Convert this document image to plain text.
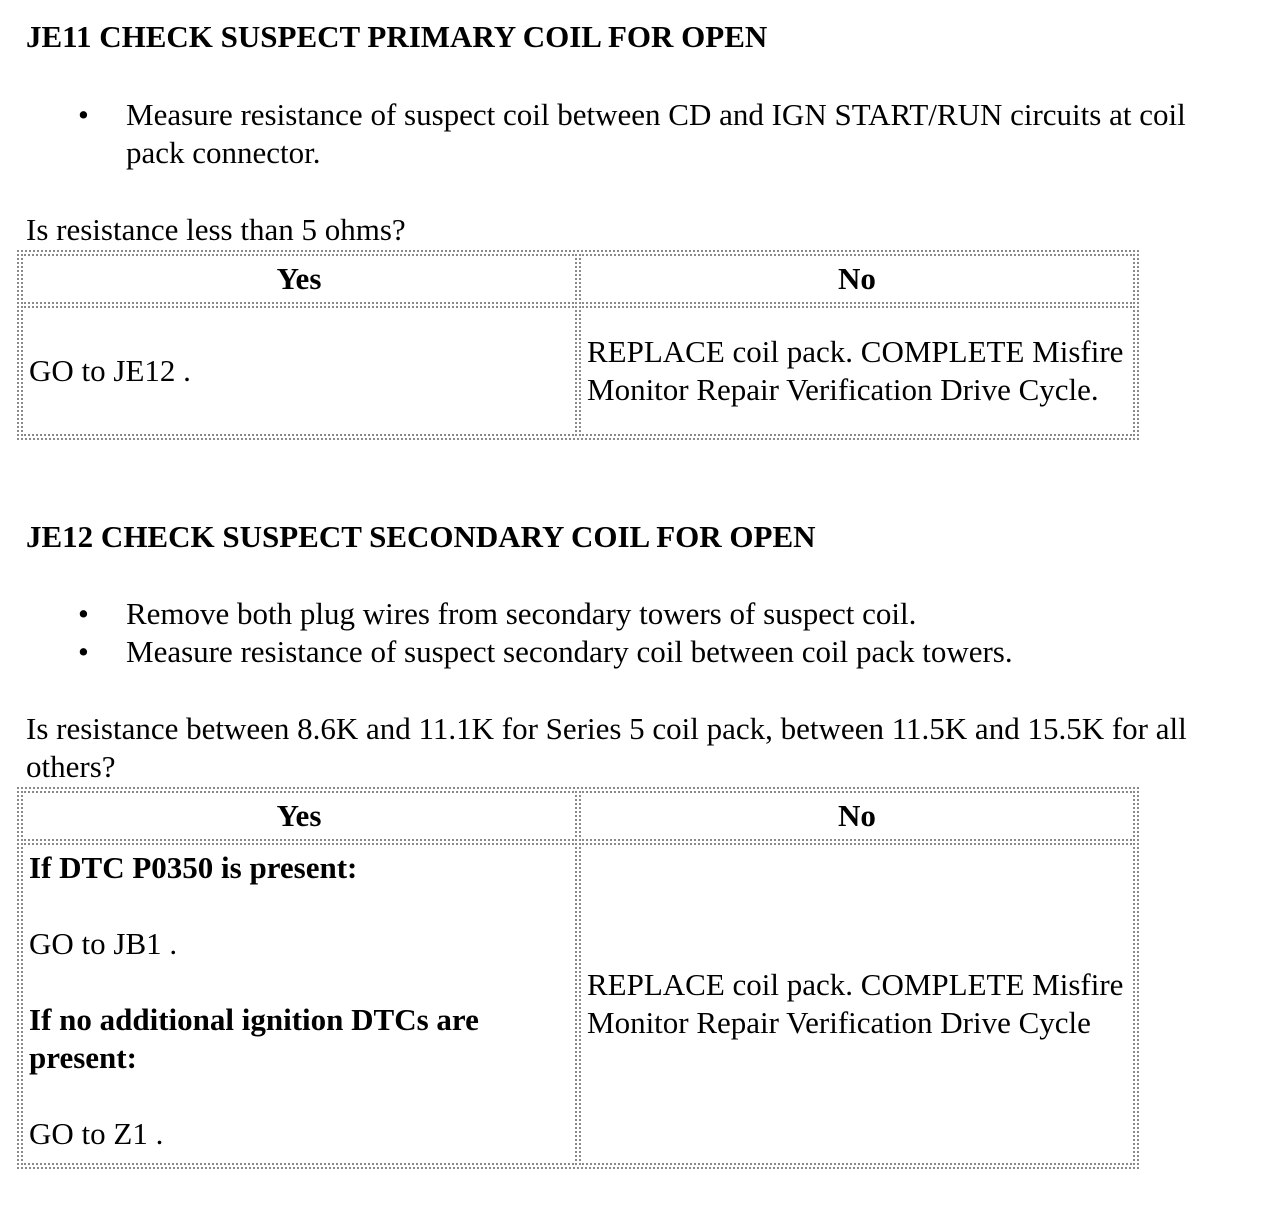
JE11 CHECK SUSPECT PRIMARY COIL FOR OPEN

• Measure resistance of suspect coil between CD and IGN START/RUN circuits at coil pack connector.

Is resistance less than 5 ohms?

Yes	No
GO to JE12 .	REPLACE coil pack. COMPLETE Misfire Monitor Repair Verification Drive Cycle.

JE12 CHECK SUSPECT SECONDARY COIL FOR OPEN

• Remove both plug wires from secondary towers of suspect coil.
• Measure resistance of suspect secondary coil between coil pack towers.

Is resistance between 8.6K and 11.1K for Series 5 coil pack, between 11.5K and 15.5K for all others?

Yes	No

If DTC P0350 is present:

GO to JB1 .

If no additional ignition DTCs are present:

GO to Z1 .	REPLACE coil pack. COMPLETE Misfire Monitor Repair Verification Drive Cycle
